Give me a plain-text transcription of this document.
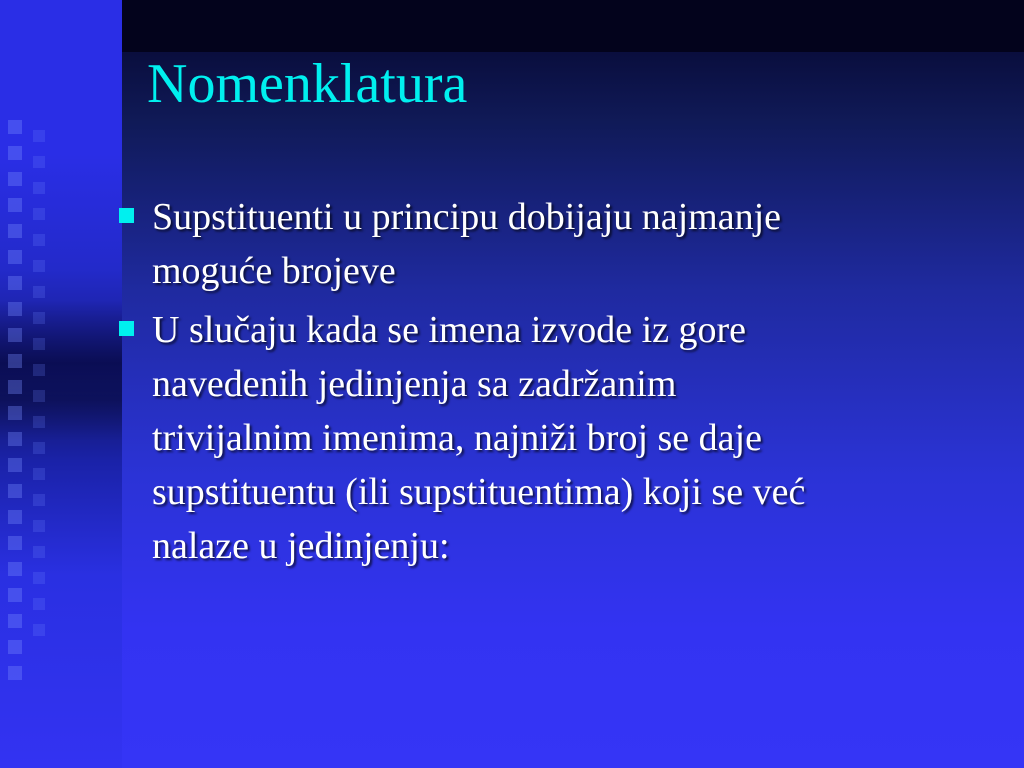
Nomenklatura
Supstituenti u principu dobijaju najmanje
moguće brojeve
U slučaju kada se imena izvode iz gore
navedenih jedinjenja sa zadržanim
trivijalnim imenima, najniži broj se daje
supstituentu (ili supstituentima) koji se već
nalaze u jedinjenju:
